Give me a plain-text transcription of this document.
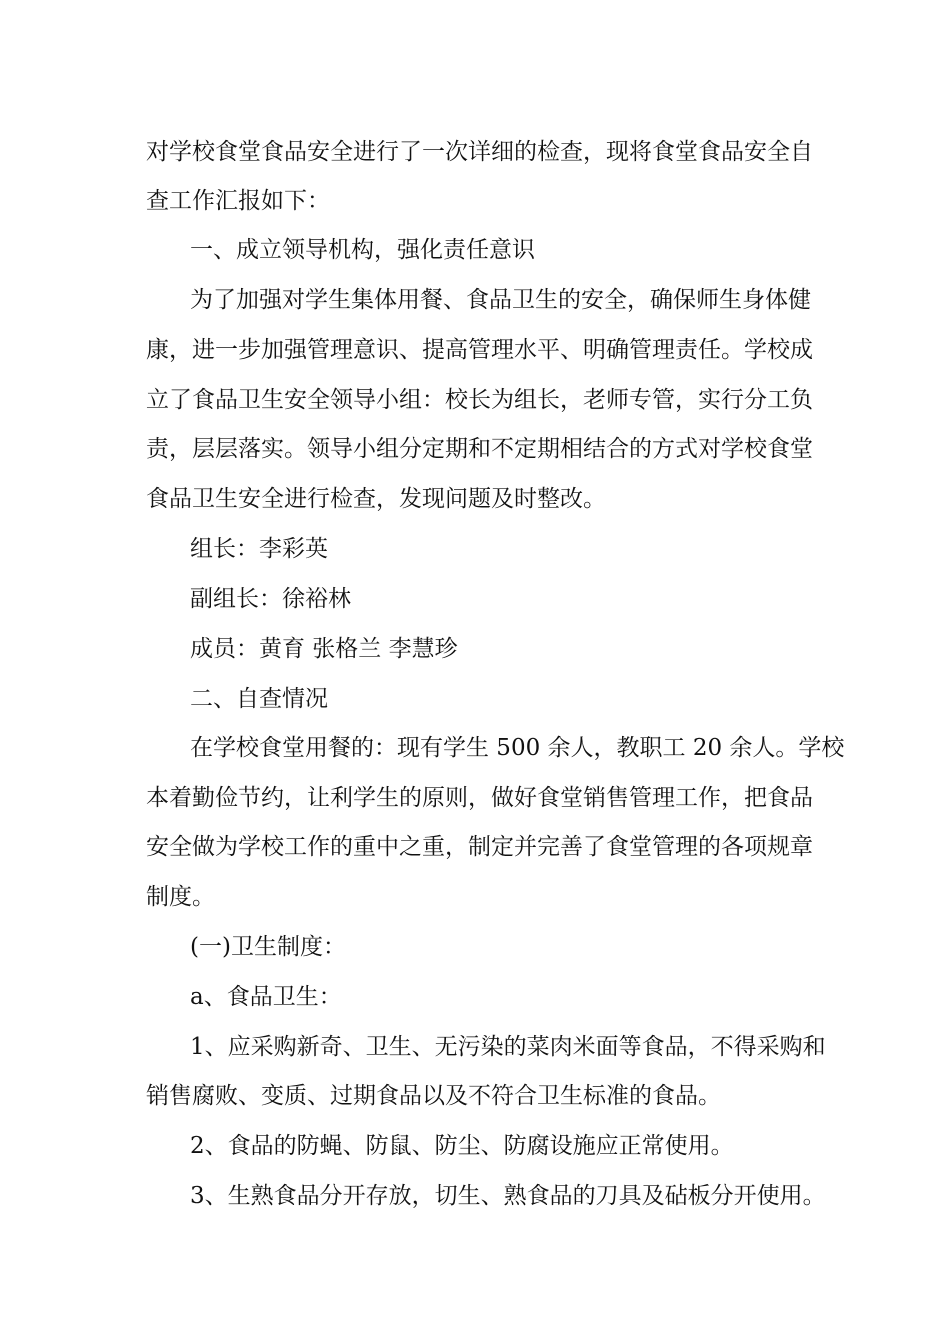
对学校食堂食品安全进行了一次详细的检查，现将食堂食品安全自
查工作汇报如下：
一、成立领导机构，强化责任意识
为了加强对学生集体用餐、食品卫生的安全，确保师生身体健
康，进一步加强管理意识、提高管理水平、明确管理责任。学校成
立了食品卫生安全领导小组：校长为组长，老师专管，实行分工负
责，层层落实。领导小组分定期和不定期相结合的方式对学校食堂
食品卫生安全进行检查，发现问题及时整改。
组长：李彩英
副组长：徐裕林
成员：黄育 张格兰 李慧珍
二、自查情况
在学校食堂用餐的：现有学生 500 余人，教职工 20 余人。学校
本着勤俭节约，让利学生的原则，做好食堂销售管理工作，把食品
安全做为学校工作的重中之重，制定并完善了食堂管理的各项规章
制度。
(一)卫生制度：
a、食品卫生：
1、应采购新奇、卫生、无污染的菜肉米面等食品，不得采购和
销售腐败、变质、过期食品以及不符合卫生标准的食品。
2、食品的防蝇、防鼠、防尘、防腐设施应正常使用。
3、生熟食品分开存放，切生、熟食品的刀具及砧板分开使用。
